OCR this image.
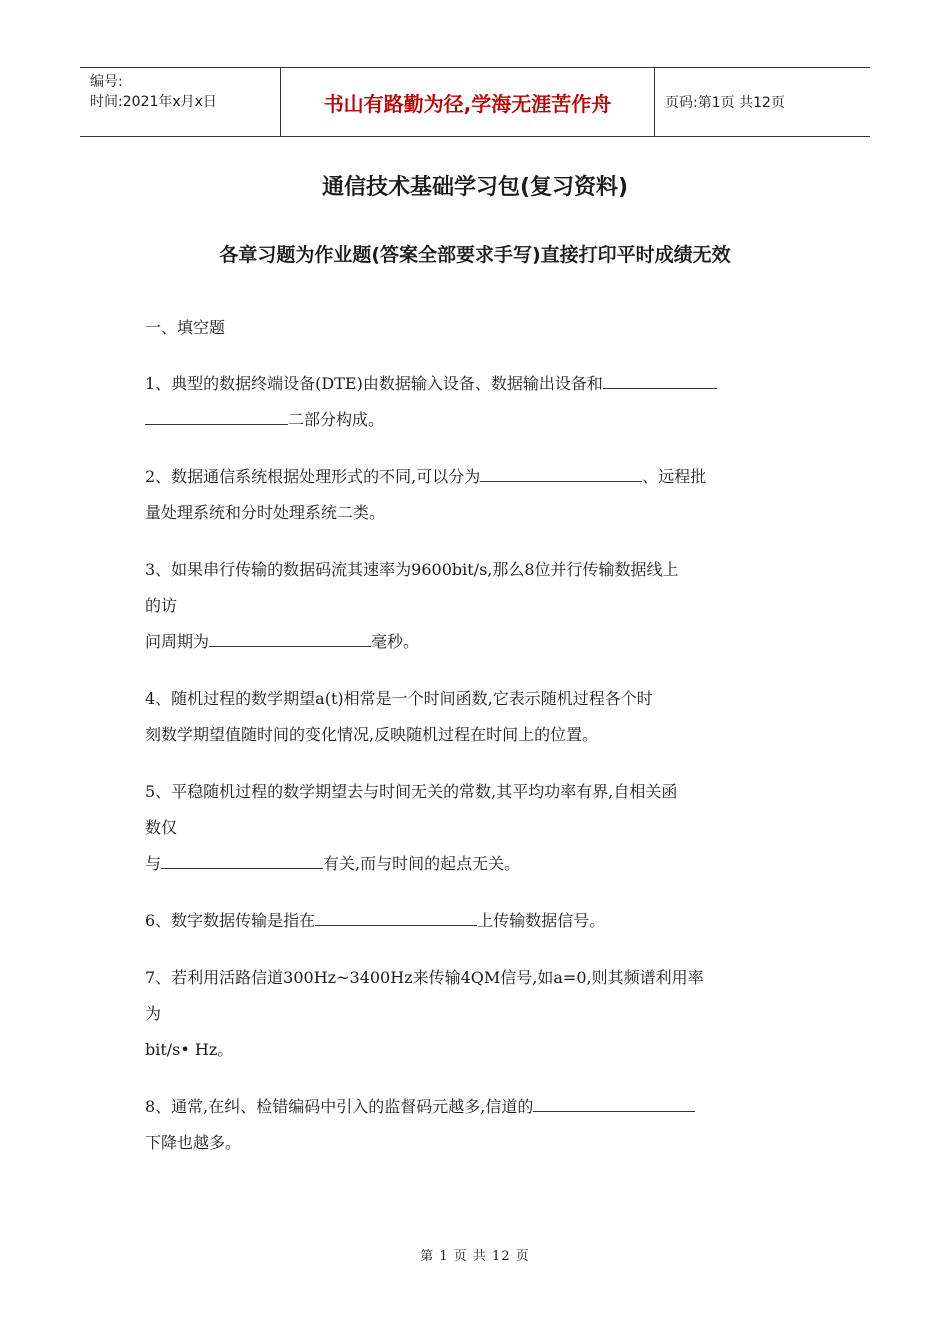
编号:
时间:2021年x月x日	书山有路勤为径,学海无涯苦作舟	页码:第1页 共12页
通信技术基础学习包(复习资料)
各章习题为作业题(答案全部要求手写)直接打印平时成绩无效

一、填空题

1、典型的数据终端设备(DTE)由数据输入设备、数据输出设备和
二部分构成。

2、数据通信系统根据处理形式的不同,可以分为	、远程批
量处理系统和分时处理系统二类。

3、如果串行传输的数据码流其速率为9600bit/s,那么8位并行传输数据线上
的访
问周期为	毫秒。

4、随机过程的数学期望a(t)相常是一个时间函数,它表示随机过程各个时
刻数学期望值随时间的变化情况,反映随机过程在时间上的位置。

5、平稳随机过程的数学期望去与时间无关的常数,其平均功率有界,自相关函
数仅
与	有关,而与时间的起点无关。

6、数字数据传输是指在	上传输数据信号。

7、若利用活路信道300Hz~3400Hz来传输4QM信号,如a=0,则其频谱利用率
为
bit/s• Hz。

8、通常,在纠、检错编码中引入的监督码元越多,信道的
下降也越多。

第 1 页 共 12 页
